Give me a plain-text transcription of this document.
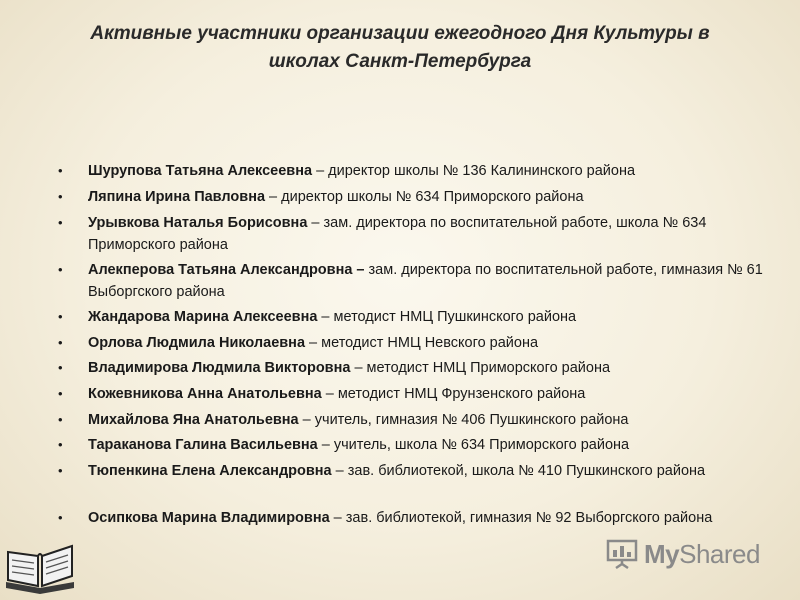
Активные участники организации ежегодного Дня Культуры в
школах Санкт-Петербурга
• Шурупова Татьяна Алексеевна – директор школы № 136 Калининского района
• Ляпина Ирина Павловна – директор школы № 634 Приморского района
• Урывкова Наталья Борисовна – зам. директора по воспитательной работе, школа № 634 Приморского района
• Алекперова Татьяна Александровна – зам. директора по воспитательной работе, гимназия № 61 Выборгского района
• Жандарова Марина Алексеевна – методист НМЦ Пушкинского района
• Орлова Людмила Николаевна – методист НМЦ Невского района
• Владимирова Людмила Викторовна – методист НМЦ Приморского района
• Кожевникова Анна Анатольевна – методист НМЦ Фрунзенского района
• Михайлова Яна Анатольевна – учитель, гимназия № 406 Пушкинского района
• Тараканова Галина Васильевна – учитель, школа № 634 Приморского района
• Тюпенкина Елена Александровна – зав. библиотекой, школа № 410 Пушкинского района
• Осипкова Марина Владимировна – зав. библиотекой, гимназия № 92 Выборгского района
MyShared
